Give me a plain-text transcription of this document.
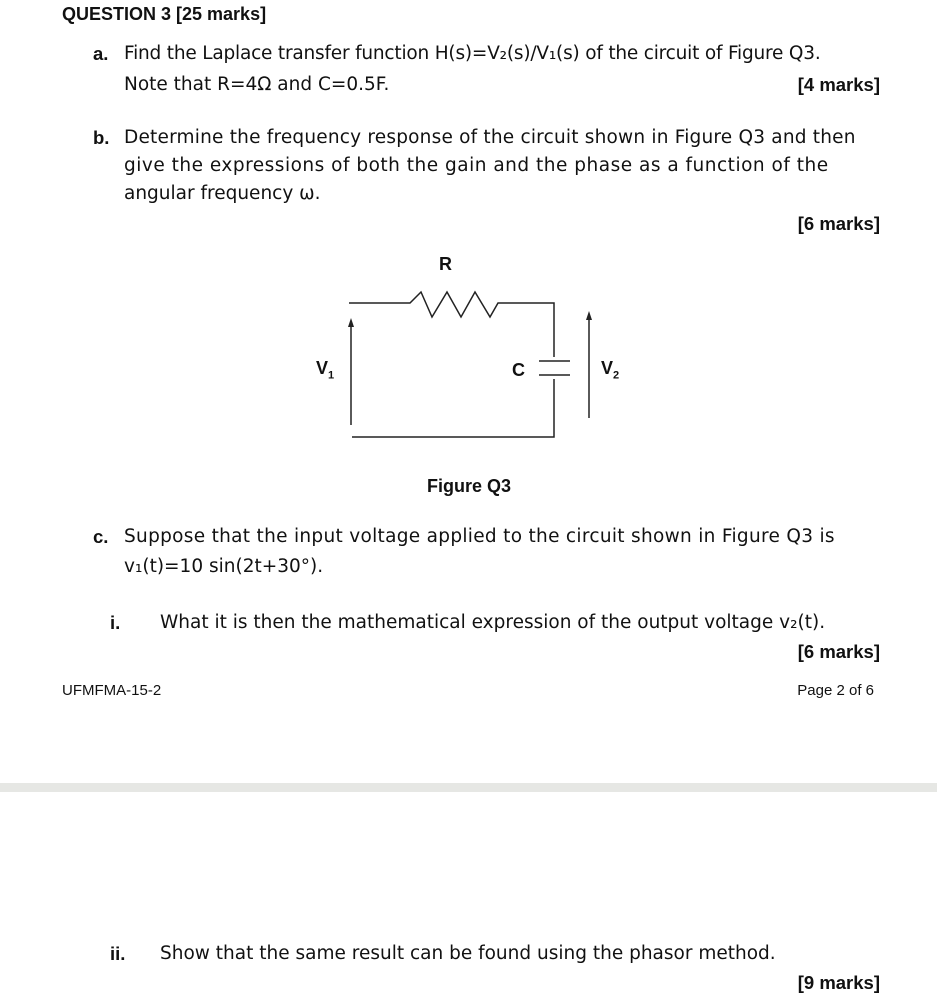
QUESTION 3 [25 marks]
a. Find the Laplace transfer function H(s)=V₂(s)/V₁(s) of the circuit of Figure Q3.
Note that R=4Ω and C=0.5F.	[4 marks]
b. Determine the frequency response of the circuit shown in Figure Q3 and then
give the expressions of both the gain and the phase as a function of the
angular frequency ω.
[6 marks]
R
$V_1$	C	$V_2$
Figure Q3
c. Suppose that the input voltage applied to the circuit shown in Figure Q3 is
v₁(t)=10 sin(2t+30°).
i. What it is then the mathematical expression of the output voltage v₂(t).
[6 marks]
UFMFMA-15-2	Page 2 of 6
ii. Show that the same result can be found using the phasor method.
[9 marks]
